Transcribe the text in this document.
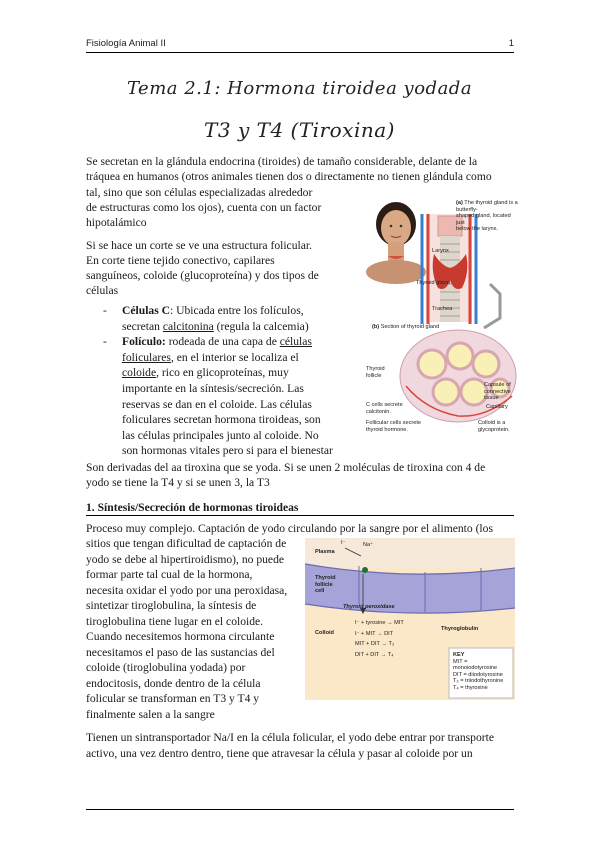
Fisiología Animal II	1
Tema 2.1: Hormona tiroidea yodada
T3 y T4 (Tiroxina)

Se secretan en la glándula endocrina (tiroides) de tamaño considerable, delante de la

tráquea en humanos (otros animales tienen dos o directamente no tienen glándula como

tal, sino que son células especializadas alrededor

de estructuras como los ojos), cuenta con un factor

hipotalámico

Si se hace un corte se ve una estructura folicular.

En corte tiene tejido conectivo, capilares

sanguíneos, coloide (glucoproteína) y dos tipos de

células

- Células C: Ubicada entre los folículos,
secretan calcitonina (regula la calcemia)
- Folículo: rodeada de una capa de células
foliculares, en el interior se localiza el
coloide, rico en glicoproteínas, muy
importante en la síntesis/secreción. Las
reservas se dan en el coloide. Las células
foliculares secretan hormona tiroideas, son
las células principales junto al coloide. No
son hormonas vitales pero si para el bienestar

Son derivadas del aa tiroxina que se yoda. Si se unen 2 moléculas de tiroxina con 4 de

yodo se tiene la T4 y si se unen 3, la T3

1. Síntesis/Secreción de hormonas tiroideas

Proceso muy complejo. Captación de yodo circulando por la sangre por el alimento (los

sitios que tengan dificultad de captación de

yodo se debe al hipertiroidismo), no puede

formar parte tal cual de la hormona,

necesita oxidar el yodo por una peroxidasa,

sintetizar tiroglobulina, la síntesis de

tiroglobulina tiene lugar en el coloide.

Cuando necesitemos hormona circulante

necesitamos el paso de las sustancias del

coloide (tiroglobulina yodada) por

endocitosis, donde dentro de la célula

folicular se transforman en T3 y T4 y

finalmente salen a la sangre

Tienen un sintransportador Na/I en la célula folicular, el yodo debe entrar por transporte

activo, una vez dentro dentro, tiene que atravesar la célula y pasar al coloide por un

(a) The thyroid gland is a butterfly-
shaped gland, located just
below the larynx.
Larynx
Thyroid gland
Trachea
(b) Section of thyroid gland
Thyroid
follicle
Capsule of
connective
tissue
Capillary
C cells secrete
calcitonin.
Follicular cells secrete
thyroid hormone.
Colloid is a
glycoprotein.
Plasma
I⁻	Na⁺
Thyroid
follicle
cell
Thyroid peroxidase
Colloid
I⁻ + tyrosine → MIT
I⁻ + MIT → DIT
MIT + DIT → T₃
DIT + DIT → T₄
Thyroglobulin
KEY
MIT = monoiodotyrosine
DIT = diiodotyrosine
T₃ = triiodothyronine
T₄ = thyroxine
